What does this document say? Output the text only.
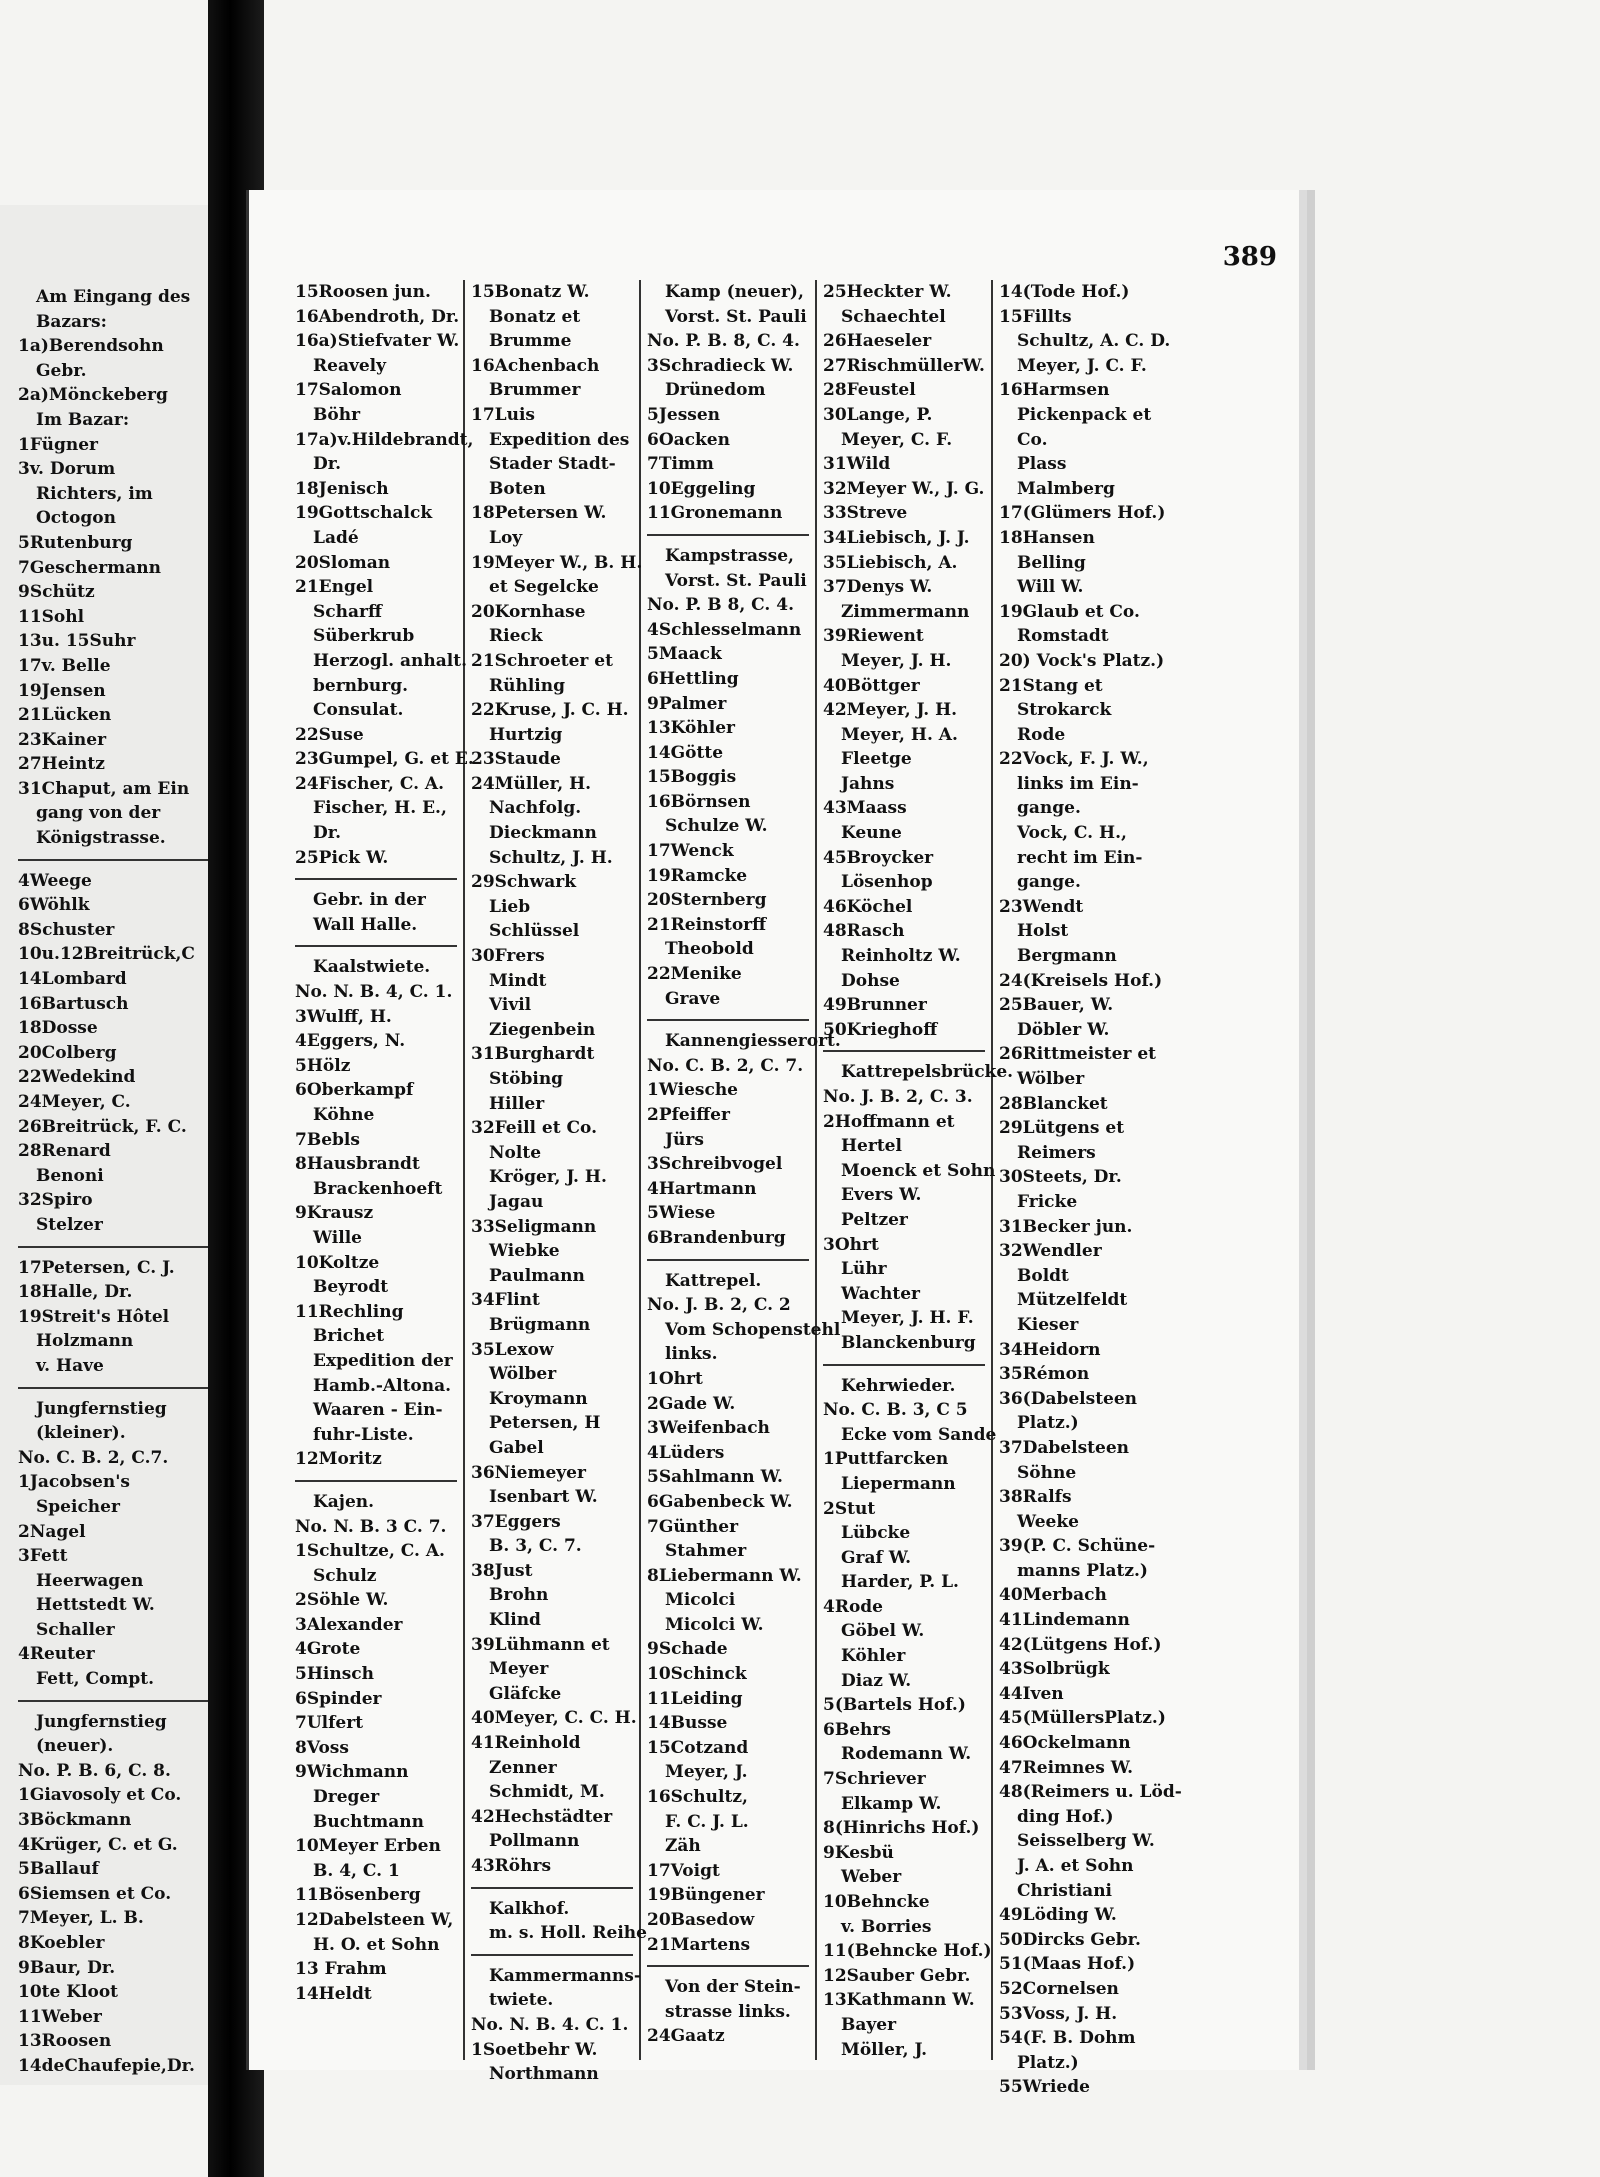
Am Eingang des
Bazars:
1a)Berendsohn
Gebr.
2a)Mönckeberg
Im Bazar:
1Fügner
3v. Dorum
Richters, im
Octogon
5Rutenburg
7Geschermann
9Schütz
11Sohl
13u. 15Suhr
17v. Belle
19Jensen
21Lücken
23Kainer
27Heintz
31Chaput, am Ein
gang von der
Königstrasse.
4Weege
6Wöhlk
8Schuster
10u.12Breitrück,C
14Lombard
16Bartusch
18Dosse
20Colberg
22Wedekind
24Meyer, C.
26Breitrück, F. C.
28Renard
Benoni
32Spiro
Stelzer
17Petersen, C. J.
18Halle, Dr.
19Streit's Hôtel
Holzmann
v. Have
Jungfernstieg
(kleiner).
No. C. B. 2, C.7.
1Jacobsen's
Speicher
2Nagel
3Fett
Heerwagen
Hettstedt W.
Schaller
4Reuter
Fett, Compt.
Jungfernstieg
(neuer).
No. P. B. 6, C. 8.
1Giavosoly et Co.
3Böckmann
4Krüger, C. et G.
5Ballauf
6Siemsen et Co.
7Meyer, L. B.
8Koebler
9Baur, Dr.
10te Kloot
11Weber
13Roosen
14deChaufepie,Dr.
389
15Roosen jun.
16Abendroth, Dr.
16a)Stiefvater W.
Reavely
17Salomon
Böhr
17a)v.Hildebrandt,
Dr.
18Jenisch
19Gottschalck
Ladé
20Sloman
21Engel
Scharff
Süberkrub
Herzogl. anhalt.
bernburg.
Consulat.
22Suse
23Gumpel, G. et E.
24Fischer, C. A.
Fischer, H. E.,
Dr.
25Pick W.
Gebr. in der
Wall Halle.
Kaalstwiete.
No. N. B. 4, C. 1.
3Wulff, H.
4Eggers, N.
5Hölz
6Oberkampf
Köhne
7Bebls
8Hausbrandt
Brackenhoeft
9Krausz
Wille
10Koltze
Beyrodt
11Rechling
Brichet
Expedition der
Hamb.-Altona.
Waaren - Ein-
fuhr-Liste.
12Moritz
Kajen.
No. N. B. 3 C. 7.
1Schultze, C. A.
Schulz
2Söhle W.
3Alexander
4Grote
5Hinsch
6Spinder
7Ulfert
8Voss
9Wichmann
Dreger
Buchtmann
10Meyer Erben
B. 4, C. 1
11Bösenberg
12Dabelsteen W,
H. O. et Sohn
13 Frahm
14Heldt
15Bonatz W.
Bonatz et
Brumme
16Achenbach
Brummer
17Luis
Expedition des
Stader Stadt-
Boten
18Petersen W.
Loy
19Meyer W., B. H.
et Segelcke
20Kornhase
Rieck
21Schroeter et
Rühling
22Kruse, J. C. H.
Hurtzig
23Staude
24Müller, H.
Nachfolg.
Dieckmann
Schultz, J. H.
29Schwark
Lieb
Schlüssel
30Frers
Mindt
Vivil
Ziegenbein
31Burghardt
Stöbing
Hiller
32Feill et Co.
Nolte
Kröger, J. H.
Jagau
33Seligmann
Wiebke
Paulmann
34Flint
Brügmann
35Lexow
Wölber
Kroymann
Petersen, H
Gabel
36Niemeyer
Isenbart W.
37Eggers
B. 3, C. 7.
38Just
Brohn
Klind
39Lühmann et
Meyer
Gläfcke
40Meyer, C. C. H.
41Reinhold
Zenner
Schmidt, M.
42Hechstädter
Pollmann
43Röhrs
Kalkhof.
m. s. Holl. Reihe
Kammermanns-
twiete.
No. N. B. 4. C. 1.
1Soetbehr W.
Northmann
Kamp (neuer),
Vorst. St. Pauli
No. P. B. 8, C. 4.
3Schradieck W.
Drünedom
5Jessen
6Oacken
7Timm
10Eggeling
11Gronemann
Kampstrasse,
Vorst. St. Pauli
No. P. B 8, C. 4.
4Schlesselmann
5Maack
6Hettling
9Palmer
13Köhler
14Götte
15Boggis
16Börnsen
Schulze W.
17Wenck
19Ramcke
20Sternberg
21Reinstorff
Theobold
22Menike
Grave
Kannengiesserort.
No. C. B. 2, C. 7.
1Wiesche
2Pfeiffer
Jürs
3Schreibvogel
4Hartmann
5Wiese
6Brandenburg
Kattrepel.
No. J. B. 2, C. 2
Vom Schopenstehl
links.
1Ohrt
2Gade W.
3Weifenbach
4Lüders
5Sahlmann W.
6Gabenbeck W.
7Günther
Stahmer
8Liebermann W.
Micolci
Micolci W.
9Schade
10Schinck
11Leiding
14Busse
15Cotzand
Meyer, J.
16Schultz,
F. C. J. L.
Zäh
17Voigt
19Büngener
20Basedow
21Martens
Von der Stein-
strasse links.
24Gaatz
25Heckter W.
Schaechtel
26Haeseler
27RischmüllerW.
28Feustel
30Lange, P.
Meyer, C. F.
31Wild
32Meyer W., J. G.
33Streve
34Liebisch, J. J.
35Liebisch, A.
37Denys W.
Zimmermann
39Riewent
Meyer, J. H.
40Böttger
42Meyer, J. H.
Meyer, H. A.
Fleetge
Jahns
43Maass
Keune
45Broycker
Lösenhop
46Köchel
48Rasch
Reinholtz W.
Dohse
49Brunner
50Krieghoff
Kattrepelsbrücke.
No. J. B. 2, C. 3.
2Hoffmann et
Hertel
Moenck et Sohn
Evers W.
Peltzer
3Ohrt
Lühr
Wachter
Meyer, J. H. F.
Blanckenburg
Kehrwieder.
No. C. B. 3, C 5
Ecke vom Sande
1Puttfarcken
Liepermann
2Stut
Lübcke
Graf W.
Harder, P. L.
4Rode
Göbel W.
Köhler
Diaz W.
5(Bartels Hof.)
6Behrs
Rodemann W.
7Schriever
Elkamp W.
8(Hinrichs Hof.)
9Kesbü
Weber
10Behncke
v. Borries
11(Behncke Hof.)
12Sauber Gebr.
13Kathmann W.
Bayer
Möller, J.
14(Tode Hof.)
15Fillts
Schultz, A. C. D.
Meyer, J. C. F.
16Harmsen
Pickenpack et
Co.
Plass
Malmberg
17(Glümers Hof.)
18Hansen
Belling
Will W.
19Glaub et Co.
Romstadt
20) Vock's Platz.)
21Stang et
Strokarck
Rode
22Vock, F. J. W.,
links im Ein-
gange.
Vock, C. H.,
recht im Ein-
gange.
23Wendt
Holst
Bergmann
24(Kreisels Hof.)
25Bauer, W.
Döbler W.
26Rittmeister et
Wölber
28Blancket
29Lütgens et
Reimers
30Steets, Dr.
Fricke
31Becker jun.
32Wendler
Boldt
Mützelfeldt
Kieser
34Heidorn
35Rémon
36(Dabelsteen
Platz.)
37Dabelsteen
Söhne
38Ralfs
Weeke
39(P. C. Schüne-
manns Platz.)
40Merbach
41Lindemann
42(Lütgens Hof.)
43Solbrügk
44Iven
45(MüllersPlatz.)
46Ockelmann
47Reimnes W.
48(Reimers u. Löd-
ding Hof.)
Seisselberg W.
J. A. et Sohn
Christiani
49Löding W.
50Dircks Gebr.
51(Maas Hof.)
52Cornelsen
53Voss, J. H.
54(F. B. Dohm
Platz.)
55Wriede
